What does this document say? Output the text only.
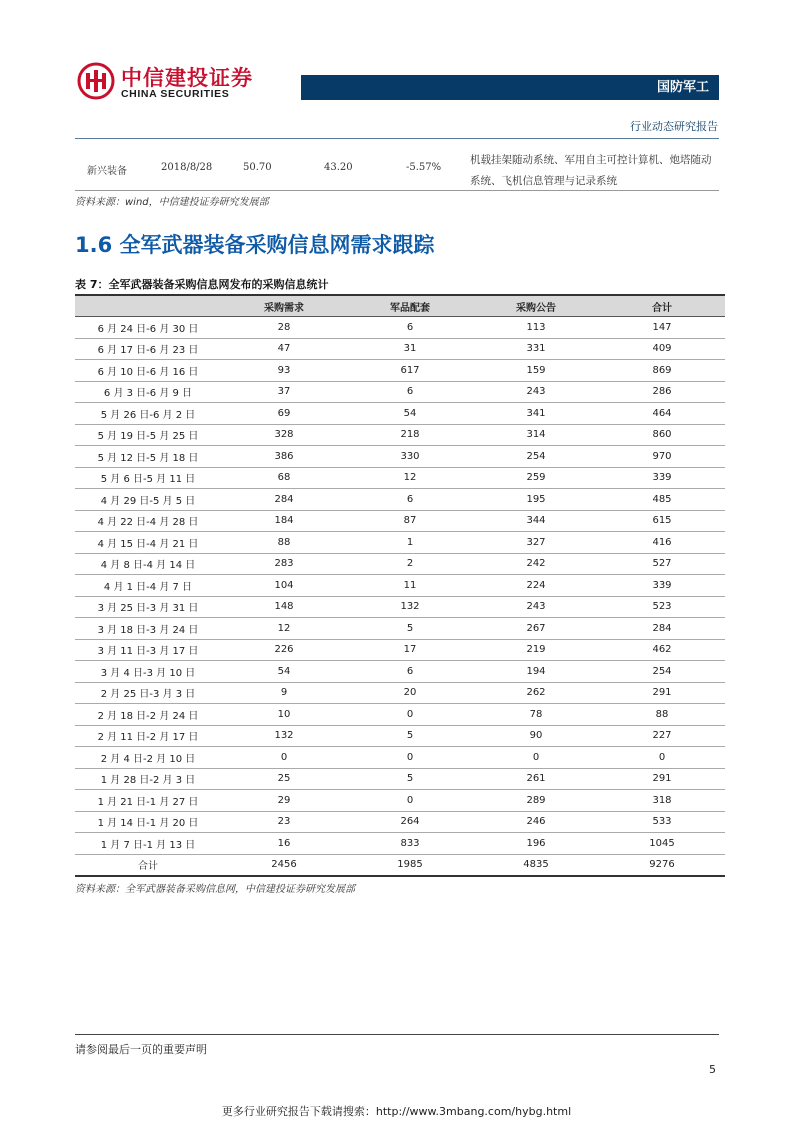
中信建投证券
CHINA SECURITIES	国防军工
行业动态研究报告
新兴装备	2018/8/28	50.70	43.20	-5.57%
机载挂架随动系统、军用自主可控计算机、炮塔随动系统、飞机信息管理与记录系统
资料来源：wind，中信建投证券研究发展部
1.6 全军武器装备采购信息网需求跟踪
表 7：全军武器装备采购信息网发布的采购信息统计
	采购需求	军品配套	采购公告	合计
6 月 24 日-6 月 30 日	28	6	113	147
6 月 17 日-6 月 23 日	47	31	331	409
6 月 10 日-6 月 16 日	93	617	159	869
6 月 3 日-6 月 9 日	37	6	243	286
5 月 26 日-6 月 2 日	69	54	341	464
5 月 19 日-5 月 25 日	328	218	314	860
5 月 12 日-5 月 18 日	386	330	254	970
5 月 6 日-5 月 11 日	68	12	259	339
4 月 29 日-5 月 5 日	284	6	195	485
4 月 22 日-4 月 28 日	184	87	344	615
4 月 15 日-4 月 21 日	88	1	327	416
4 月 8 日-4 月 14 日	283	2	242	527
4 月 1 日-4 月 7 日	104	11	224	339
3 月 25 日-3 月 31 日	148	132	243	523
3 月 18 日-3 月 24 日	12	5	267	284
3 月 11 日-3 月 17 日	226	17	219	462
3 月 4 日-3 月 10 日	54	6	194	254
2 月 25 日-3 月 3 日	9	20	262	291
2 月 18 日-2 月 24 日	10	0	78	88
2 月 11 日-2 月 17 日	132	5	90	227
2 月 4 日-2 月 10 日	0	0	0	0
1 月 28 日-2 月 3 日	25	5	261	291
1 月 21 日-1 月 27 日	29	0	289	318
1 月 14 日-1 月 20 日	23	264	246	533
1 月 7 日-1 月 13 日	16	833	196	1045
合计	2456	1985	4835	9276
资料来源：全军武器装备采购信息网，中信建投证券研究发展部
请参阅最后一页的重要声明
5
更多行业研究报告下载请搜索：http://www.3mbang.com/hybg.html
